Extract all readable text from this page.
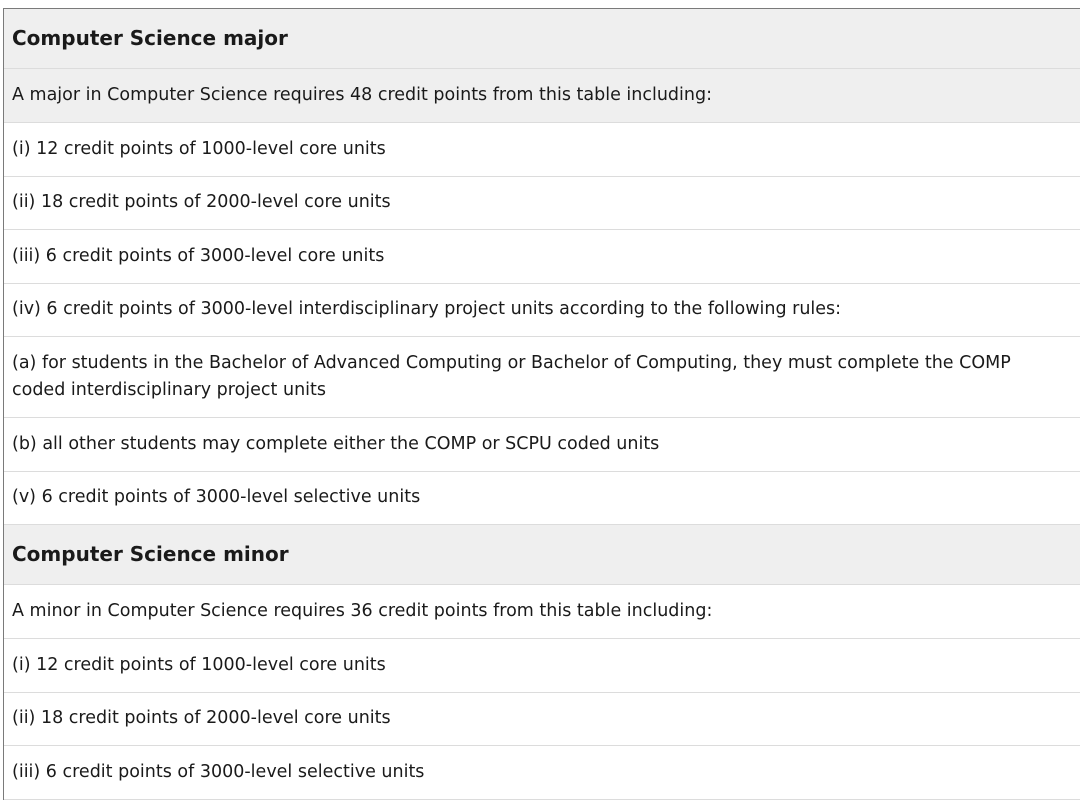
Computer Science major
A major in Computer Science requires 48 credit points from this table including:
(i) 12 credit points of 1000-level core units
(ii) 18 credit points of 2000-level core units
(iii) 6 credit points of 3000-level core units
(iv) 6 credit points of 3000-level interdisciplinary project units according to the following rules:
(a) for students in the Bachelor of Advanced Computing or Bachelor of Computing, they must complete the COMP coded interdisciplinary project units
(b) all other students may complete either the COMP or SCPU coded units
(v) 6 credit points of 3000-level selective units
Computer Science minor
A minor in Computer Science requires 36 credit points from this table including:
(i) 12 credit points of 1000-level core units
(ii) 18 credit points of 2000-level core units
(iii) 6 credit points of 3000-level selective units
